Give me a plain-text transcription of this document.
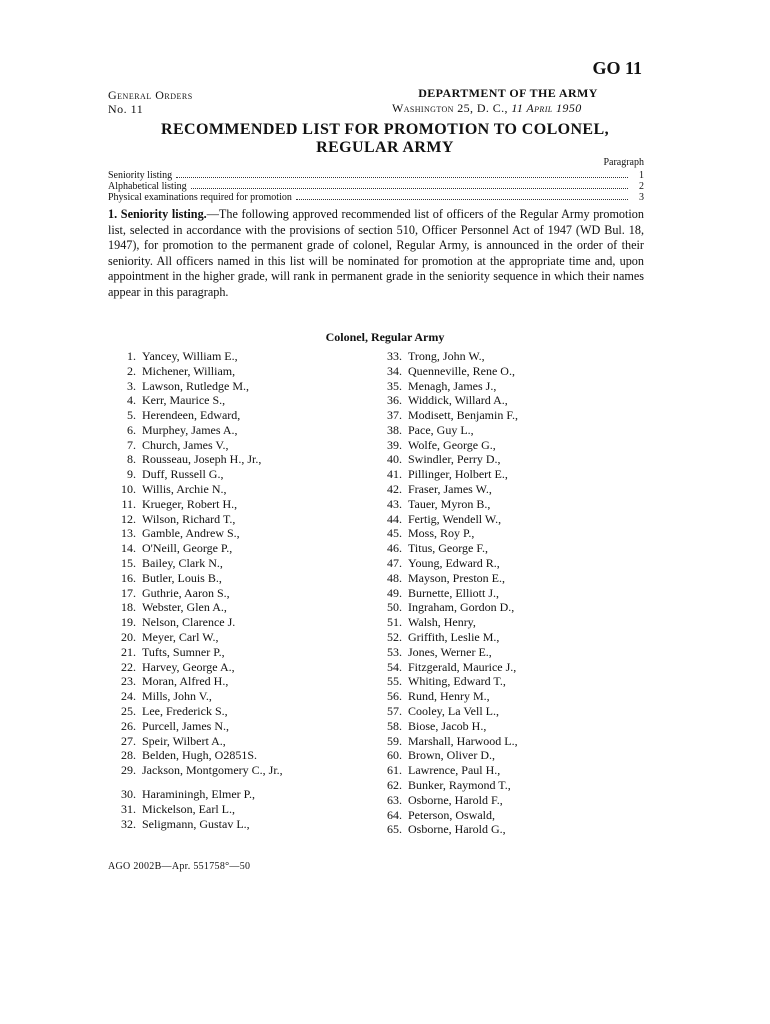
GO 11
General Orders
No. 11
DEPARTMENT OF THE ARMY
Washington 25, D. C., 11 April 1950
RECOMMENDED LIST FOR PROMOTION TO COLONEL,
REGULAR ARMY
Paragraph
Seniority listing	1
Alphabetical listing	2
Physical examinations required for promotion	3
1. Seniority listing.—The following approved recommended list of officers of the Regular Army promotion list, selected in accordance with the provisions of section 510, Officer Personnel Act of 1947 (WD Bul. 18, 1947), for promotion to the permanent grade of colonel, Regular Army, is announced in the order of their seniority. All officers named in this list will be nominated for promotion at the appropriate time and, upon appointment in the higher grade, will rank in permanent grade in the seniority sequence in which their names appear in this paragraph.
Colonel, Regular Army
1. Yancey, William E.,
2. Michener, William,
3. Lawson, Rutledge M.,
4. Kerr, Maurice S.,
5. Herendeen, Edward,
6. Murphey, James A.,
7. Church, James V.,
8. Rousseau, Joseph H., Jr.,
9. Duff, Russell G.,
10. Willis, Archie N.,
11. Krueger, Robert H.,
12. Wilson, Richard T.,
13. Gamble, Andrew S.,
14. O'Neill, George P.,
15. Bailey, Clark N.,
16. Butler, Louis B.,
17. Guthrie, Aaron S.,
18. Webster, Glen A.,
19. Nelson, Clarence J.
20. Meyer, Carl W.,
21. Tufts, Sumner P.,
22. Harvey, George A.,
23. Moran, Alfred H.,
24. Mills, John V.,
25. Lee, Frederick S.,
26. Purcell, James N.,
27. Speir, Wilbert A.,
28. Belden, Hugh, O2851S.
29. Jackson, Montgomery C., Jr.,
30. Haraminingh, Elmer P.,
31. Mickelson, Earl L.,
32. Seligmann, Gustav L.,
33. Trong, John W.,
34. Quenneville, Rene O.,
35. Menagh, James J.,
36. Widdick, Willard A.,
37. Modisett, Benjamin F.,
38. Pace, Guy L.,
39. Wolfe, George G.,
40. Swindler, Perry D.,
41. Pillinger, Holbert E.,
42. Fraser, James W.,
43. Tauer, Myron B.,
44. Fertig, Wendell W.,
45. Moss, Roy P.,
46. Titus, George F.,
47. Young, Edward R.,
48. Mayson, Preston E.,
49. Burnette, Elliott J.,
50. Ingraham, Gordon D.,
51. Walsh, Henry,
52. Griffith, Leslie M.,
53. Jones, Werner E.,
54. Fitzgerald, Maurice J.,
55. Whiting, Edward T.,
56. Rund, Henry M.,
57. Cooley, La Vell L.,
58. Biose, Jacob H.,
59. Marshall, Harwood L.,
60. Brown, Oliver D.,
61. Lawrence, Paul H.,
62. Bunker, Raymond T.,
63. Osborne, Harold F.,
64. Peterson, Oswald,
65. Osborne, Harold G.,
AGO 2002B—Apr. 551758°—50
